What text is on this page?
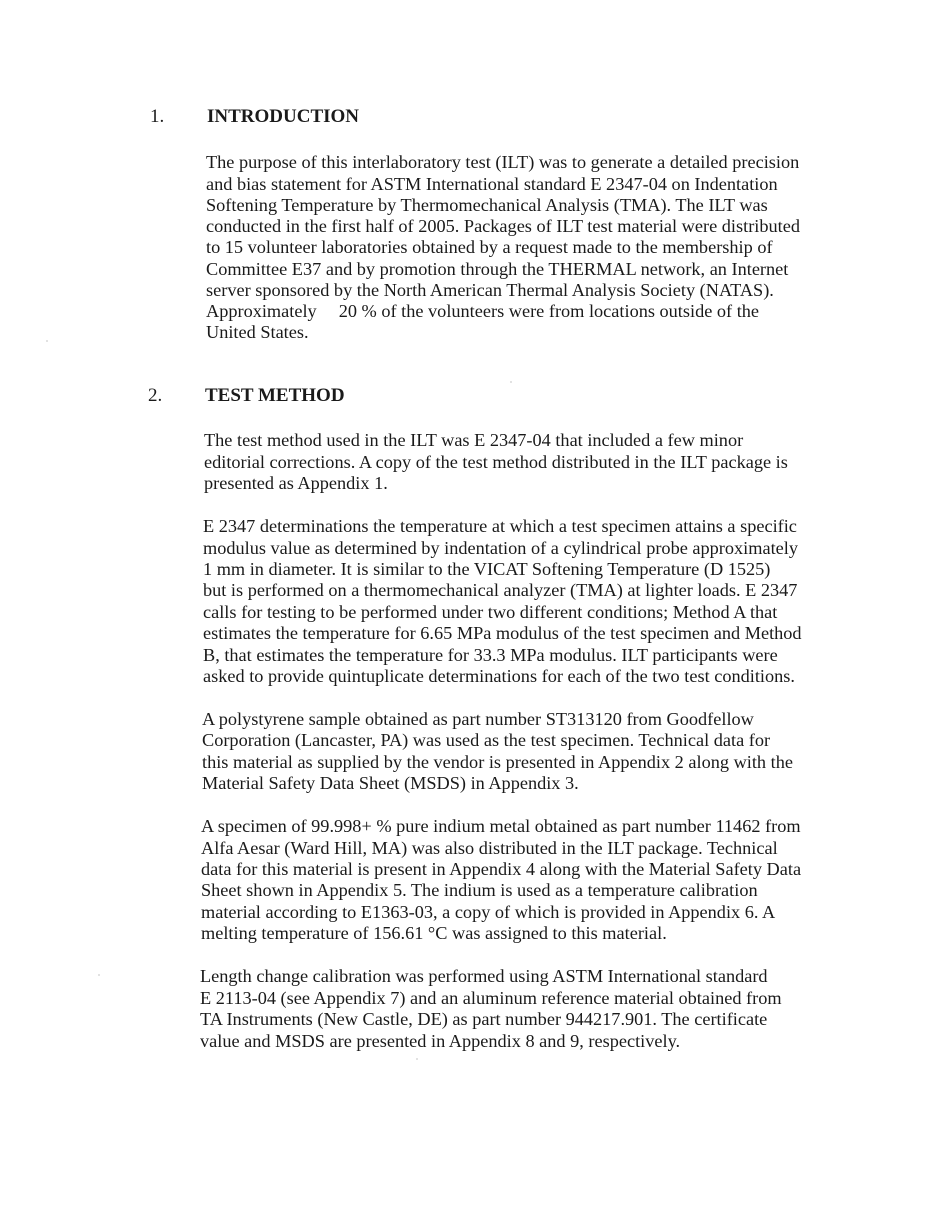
1. INTRODUCTION
The purpose of this interlaboratory test (ILT) was to generate a detailed precision
and bias statement for ASTM International standard E 2347-04 on Indentation
Softening Temperature by Thermomechanical Analysis (TMA). The ILT was
conducted in the first half of 2005. Packages of ILT test material were distributed
to 15 volunteer laboratories obtained by a request made to the membership of
Committee E37 and by promotion through the THERMAL network, an Internet
server sponsored by the North American Thermal Analysis Society (NATAS).
Approximately 20 % of the volunteers were from locations outside of the
United States.
2. TEST METHOD
The test method used in the ILT was E 2347-04 that included a few minor
editorial corrections. A copy of the test method distributed in the ILT package is
presented as Appendix 1.
E 2347 determinations the temperature at which a test specimen attains a specific
modulus value as determined by indentation of a cylindrical probe approximately
1 mm in diameter. It is similar to the VICAT Softening Temperature (D 1525)
but is performed on a thermomechanical analyzer (TMA) at lighter loads. E 2347
calls for testing to be performed under two different conditions; Method A that
estimates the temperature for 6.65 MPa modulus of the test specimen and Method
B, that estimates the temperature for 33.3 MPa modulus. ILT participants were
asked to provide quintuplicate determinations for each of the two test conditions.
A polystyrene sample obtained as part number ST313120 from Goodfellow
Corporation (Lancaster, PA) was used as the test specimen. Technical data for
this material as supplied by the vendor is presented in Appendix 2 along with the
Material Safety Data Sheet (MSDS) in Appendix 3.
A specimen of 99.998+ % pure indium metal obtained as part number 11462 from
Alfa Aesar (Ward Hill, MA) was also distributed in the ILT package. Technical
data for this material is present in Appendix 4 along with the Material Safety Data
Sheet shown in Appendix 5. The indium is used as a temperature calibration
material according to E1363-03, a copy of which is provided in Appendix 6. A
melting temperature of 156.61 °C was assigned to this material.
Length change calibration was performed using ASTM International standard
E 2113-04 (see Appendix 7) and an aluminum reference material obtained from
TA Instruments (New Castle, DE) as part number 944217.901. The certificate
value and MSDS are presented in Appendix 8 and 9, respectively.
